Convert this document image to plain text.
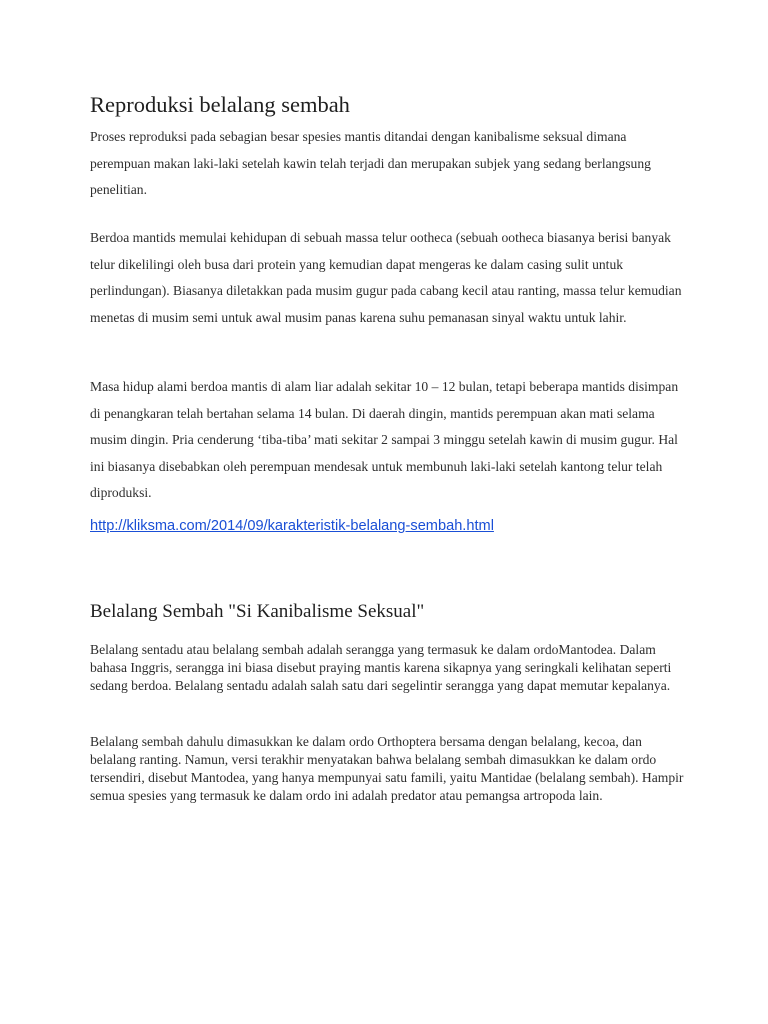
Reproduksi belalang sembah

Proses reproduksi pada sebagian besar spesies mantis ditandai dengan kanibalisme seksual dimana perempuan makan laki-laki setelah kawin telah terjadi dan merupakan subjek yang sedang berlangsung penelitian.

Berdoa mantids memulai kehidupan di sebuah massa telur ootheca (sebuah ootheca biasanya berisi banyak telur dikelilingi oleh busa dari protein yang kemudian dapat mengeras ke dalam casing sulit untuk perlindungan). Biasanya diletakkan pada musim gugur pada cabang kecil atau ranting, massa telur kemudian menetas di musim semi untuk awal musim panas karena suhu pemanasan sinyal waktu untuk lahir.

Masa hidup alami berdoa mantis di alam liar adalah sekitar 10 – 12 bulan, tetapi beberapa mantids disimpan di penangkaran telah bertahan selama 14 bulan. Di daerah dingin, mantids perempuan akan mati selama musim dingin. Pria cenderung ‘tiba-tiba’ mati sekitar 2 sampai 3 minggu setelah kawin di musim gugur. Hal ini biasanya disebabkan oleh perempuan mendesak untuk membunuh laki-laki setelah kantong telur telah diproduksi.

http://kliksma.com/2014/09/karakteristik-belalang-sembah.html
Belalang Sembah "Si Kanibalisme Seksual"

Belalang sentadu atau belalang sembah adalah serangga yang termasuk ke dalam ordoMantodea. Dalam bahasa Inggris, serangga ini biasa disebut praying mantis karena sikapnya yang seringkali kelihatan seperti sedang berdoa. Belalang sentadu adalah salah satu dari segelintir serangga yang dapat memutar kepalanya.

Belalang sembah dahulu dimasukkan ke dalam ordo Orthoptera bersama dengan belalang, kecoa, dan belalang ranting. Namun, versi terakhir menyatakan bahwa belalang sembah dimasukkan ke dalam ordo tersendiri, disebut Mantodea, yang hanya mempunyai satu famili, yaitu Mantidae (belalang sembah). Hampir semua spesies yang termasuk ke dalam ordo ini adalah predator atau pemangsa artropoda lain.
